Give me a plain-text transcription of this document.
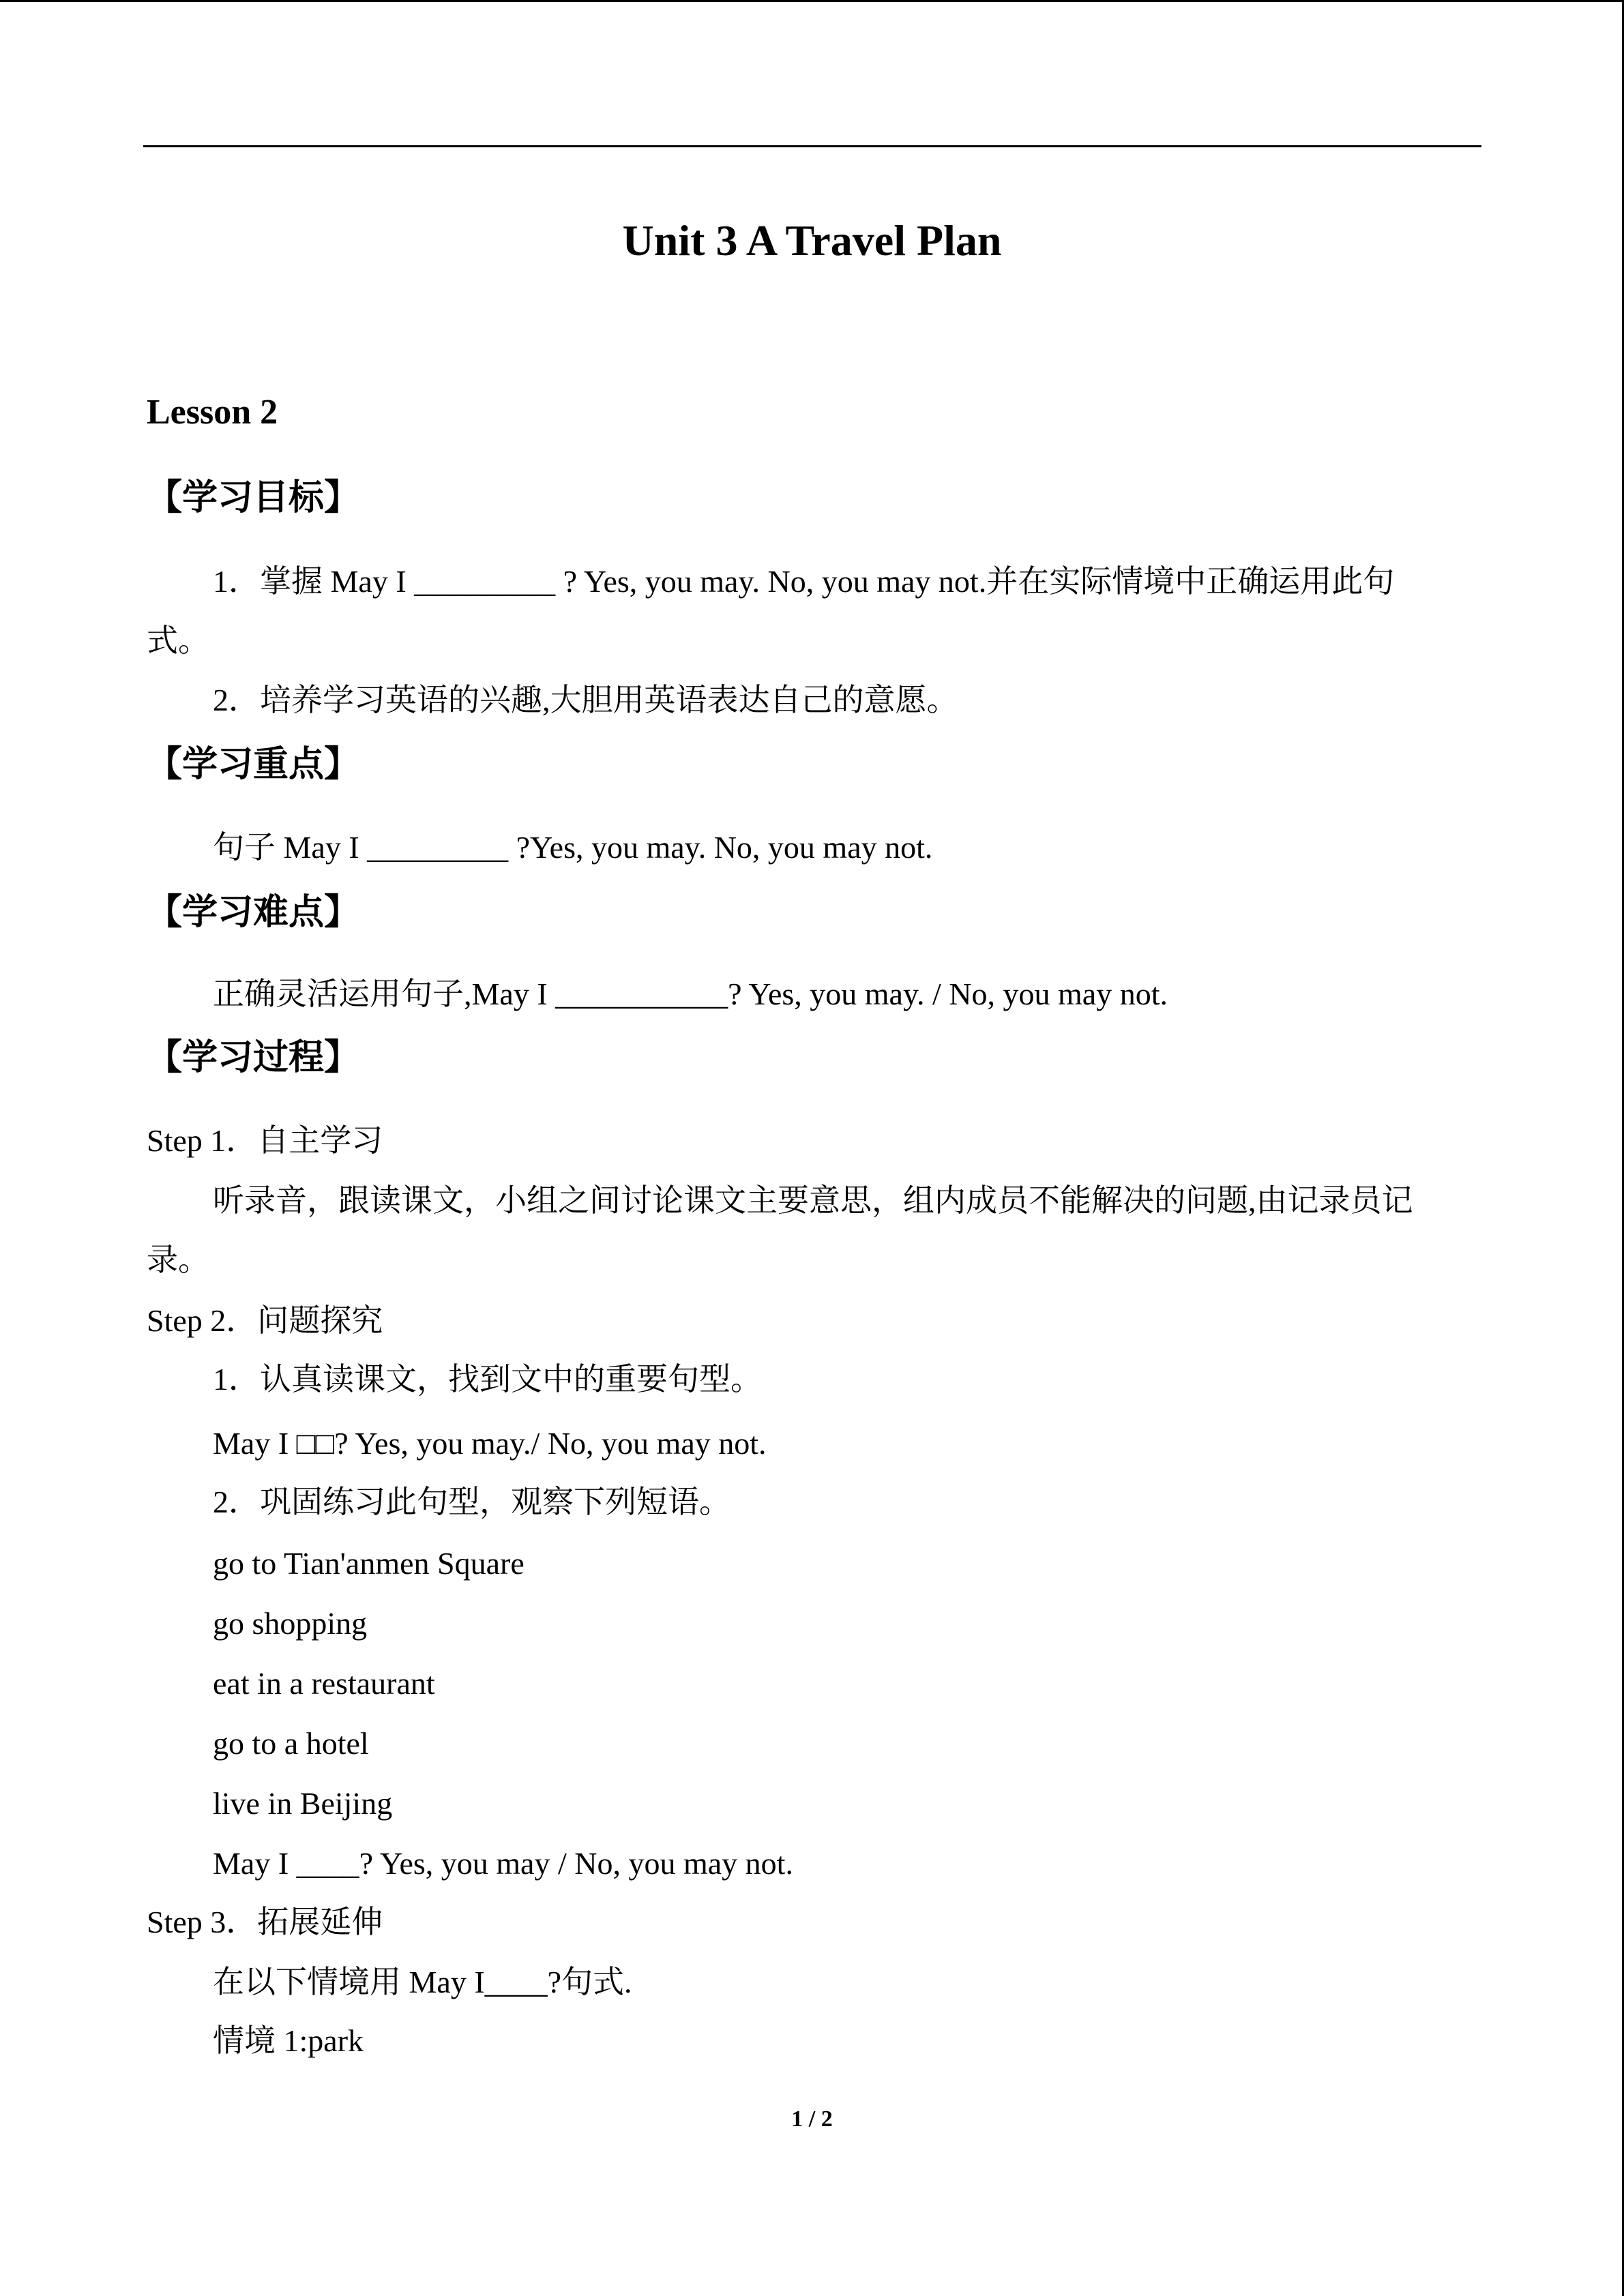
Unit 3 A Travel Plan
Lesson 2
【学习目标】
1．掌握 May I _________ ? Yes, you may. No, you may not.并在实际情境中正确运用此句
式。
2．培养学习英语的兴趣,大胆用英语表达自己的意愿。
【学习重点】
句子 May I _________ ?Yes, you may. No, you may not.
【学习难点】
正确灵活运用句子,May I ___________? Yes, you may. / No, you may not.
【学习过程】
Step 1．自主学习
听录音，跟读课文，小组之间讨论课文主要意思，组内成员不能解决的问题,由记录员记
录。
Step 2．问题探究
1．认真读课文，找到文中的重要句型。
May I □□? Yes, you may./ No, you may not.
2．巩固练习此句型，观察下列短语。
go to Tian'anmen Square
go shopping
eat in a restaurant
go to a hotel
live in Beijing
May I ____? Yes, you may / No, you may not.
Step 3．拓展延伸
在以下情境用 May I____?句式.
情境 1:park
1 / 2
